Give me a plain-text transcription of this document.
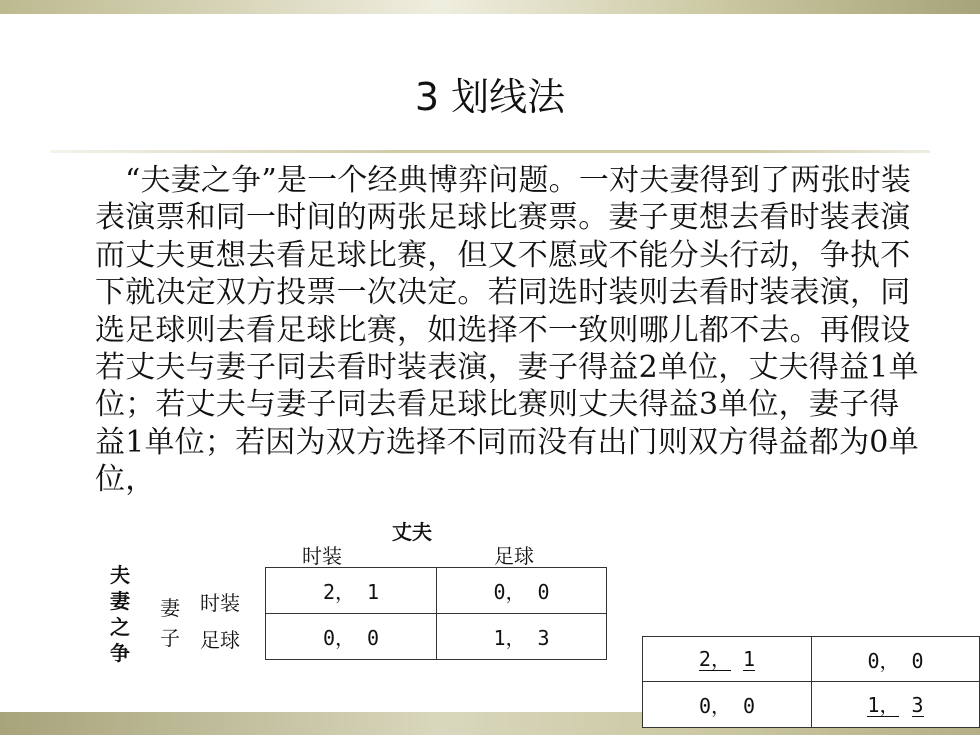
3 划线法
“夫妻之争”是一个经典博弈问题。一对夫妻得到了两张时装表演票和同一时间的两张足球比赛票。妻子更想去看时装表演而丈夫更想去看足球比赛，但又不愿或不能分头行动，争执不下就决定双方投票一次决定。若同选时装则去看时装表演，同选足球则去看足球比赛，如选择不一致则哪儿都不去。再假设若丈夫与妻子同去看时装表演，妻子得益2单位，丈夫得益1单位；若丈夫与妻子同去看足球比赛则丈夫得益3单位，妻子得益1单位；若因为双方选择不同而没有出门则双方得益都为0单位，
丈夫
时装	足球
夫
妻
之
争
妻
子
时装
足球
2， 1	0， 0
0， 0	1， 3
2， 1	0， 0
0， 0	1， 3
